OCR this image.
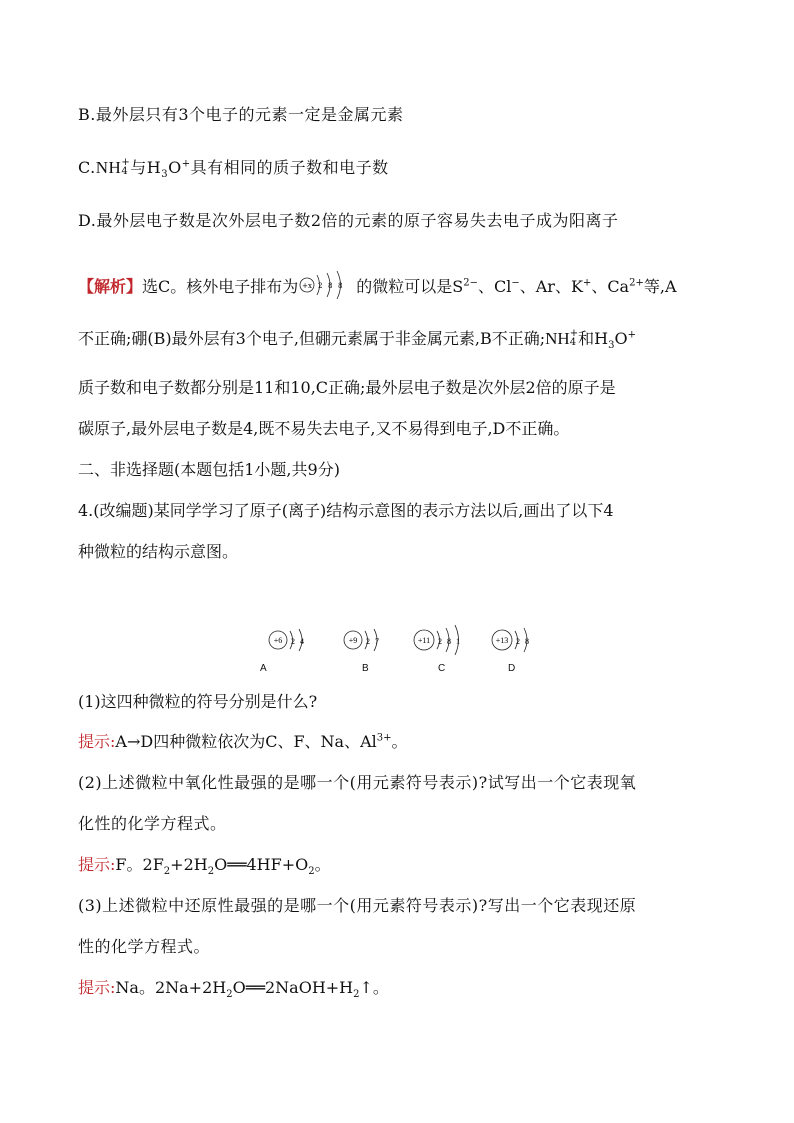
B.最外层只有3个电子的元素一定是金属元素
C.NH +
4 与$H_3O^+$具有相同的质子数和电子数
D.最外层电子数是次外层电子数2倍的元素的原子容易失去电子成为阳离子
【解析】选C。核外电子排布为 +x 2 8 8 的微粒可以是$S^{2-}$、Cl−、Ar、K+、$Ca^{2+}$等,A
不正确;硼(B)最外层有3个电子,但硼元素属于非金属元素,B不正确;NH +
4 和$H_3O^+$
质子数和电子数都分别是11和10,C正确;最外层电子数是次外层2倍的原子是
碳原子,最外层电子数是4,既不易失去电子,又不易得到电子,D不正确。
二、非选择题(本题包括1小题,共9分)
4.(改编题)某同学学习了原子(离子)结构示意图的表示方法以后,画出了以下4
种微粒的结构示意图。
+6 2 4	+9 2 7	+11 2 8 1	+13 2 8
A	B	C	D
(1)这四种微粒的符号分别是什么?
提示:A→D四种微粒依次为C、F、Na、$Al^{3+}$。
(2)上述微粒中氧化性最强的是哪一个(用元素符号表示)?试写出一个它表现氧
化性的化学方程式。
提示:F。$2F_2+2H_2O══4HF+O_2$。
(3)上述微粒中还原性最强的是哪一个(用元素符号表示)?写出一个它表现还原
性的化学方程式。
提示:Na。$2Na+2H_2O══2NaOH+H_2↑$。
